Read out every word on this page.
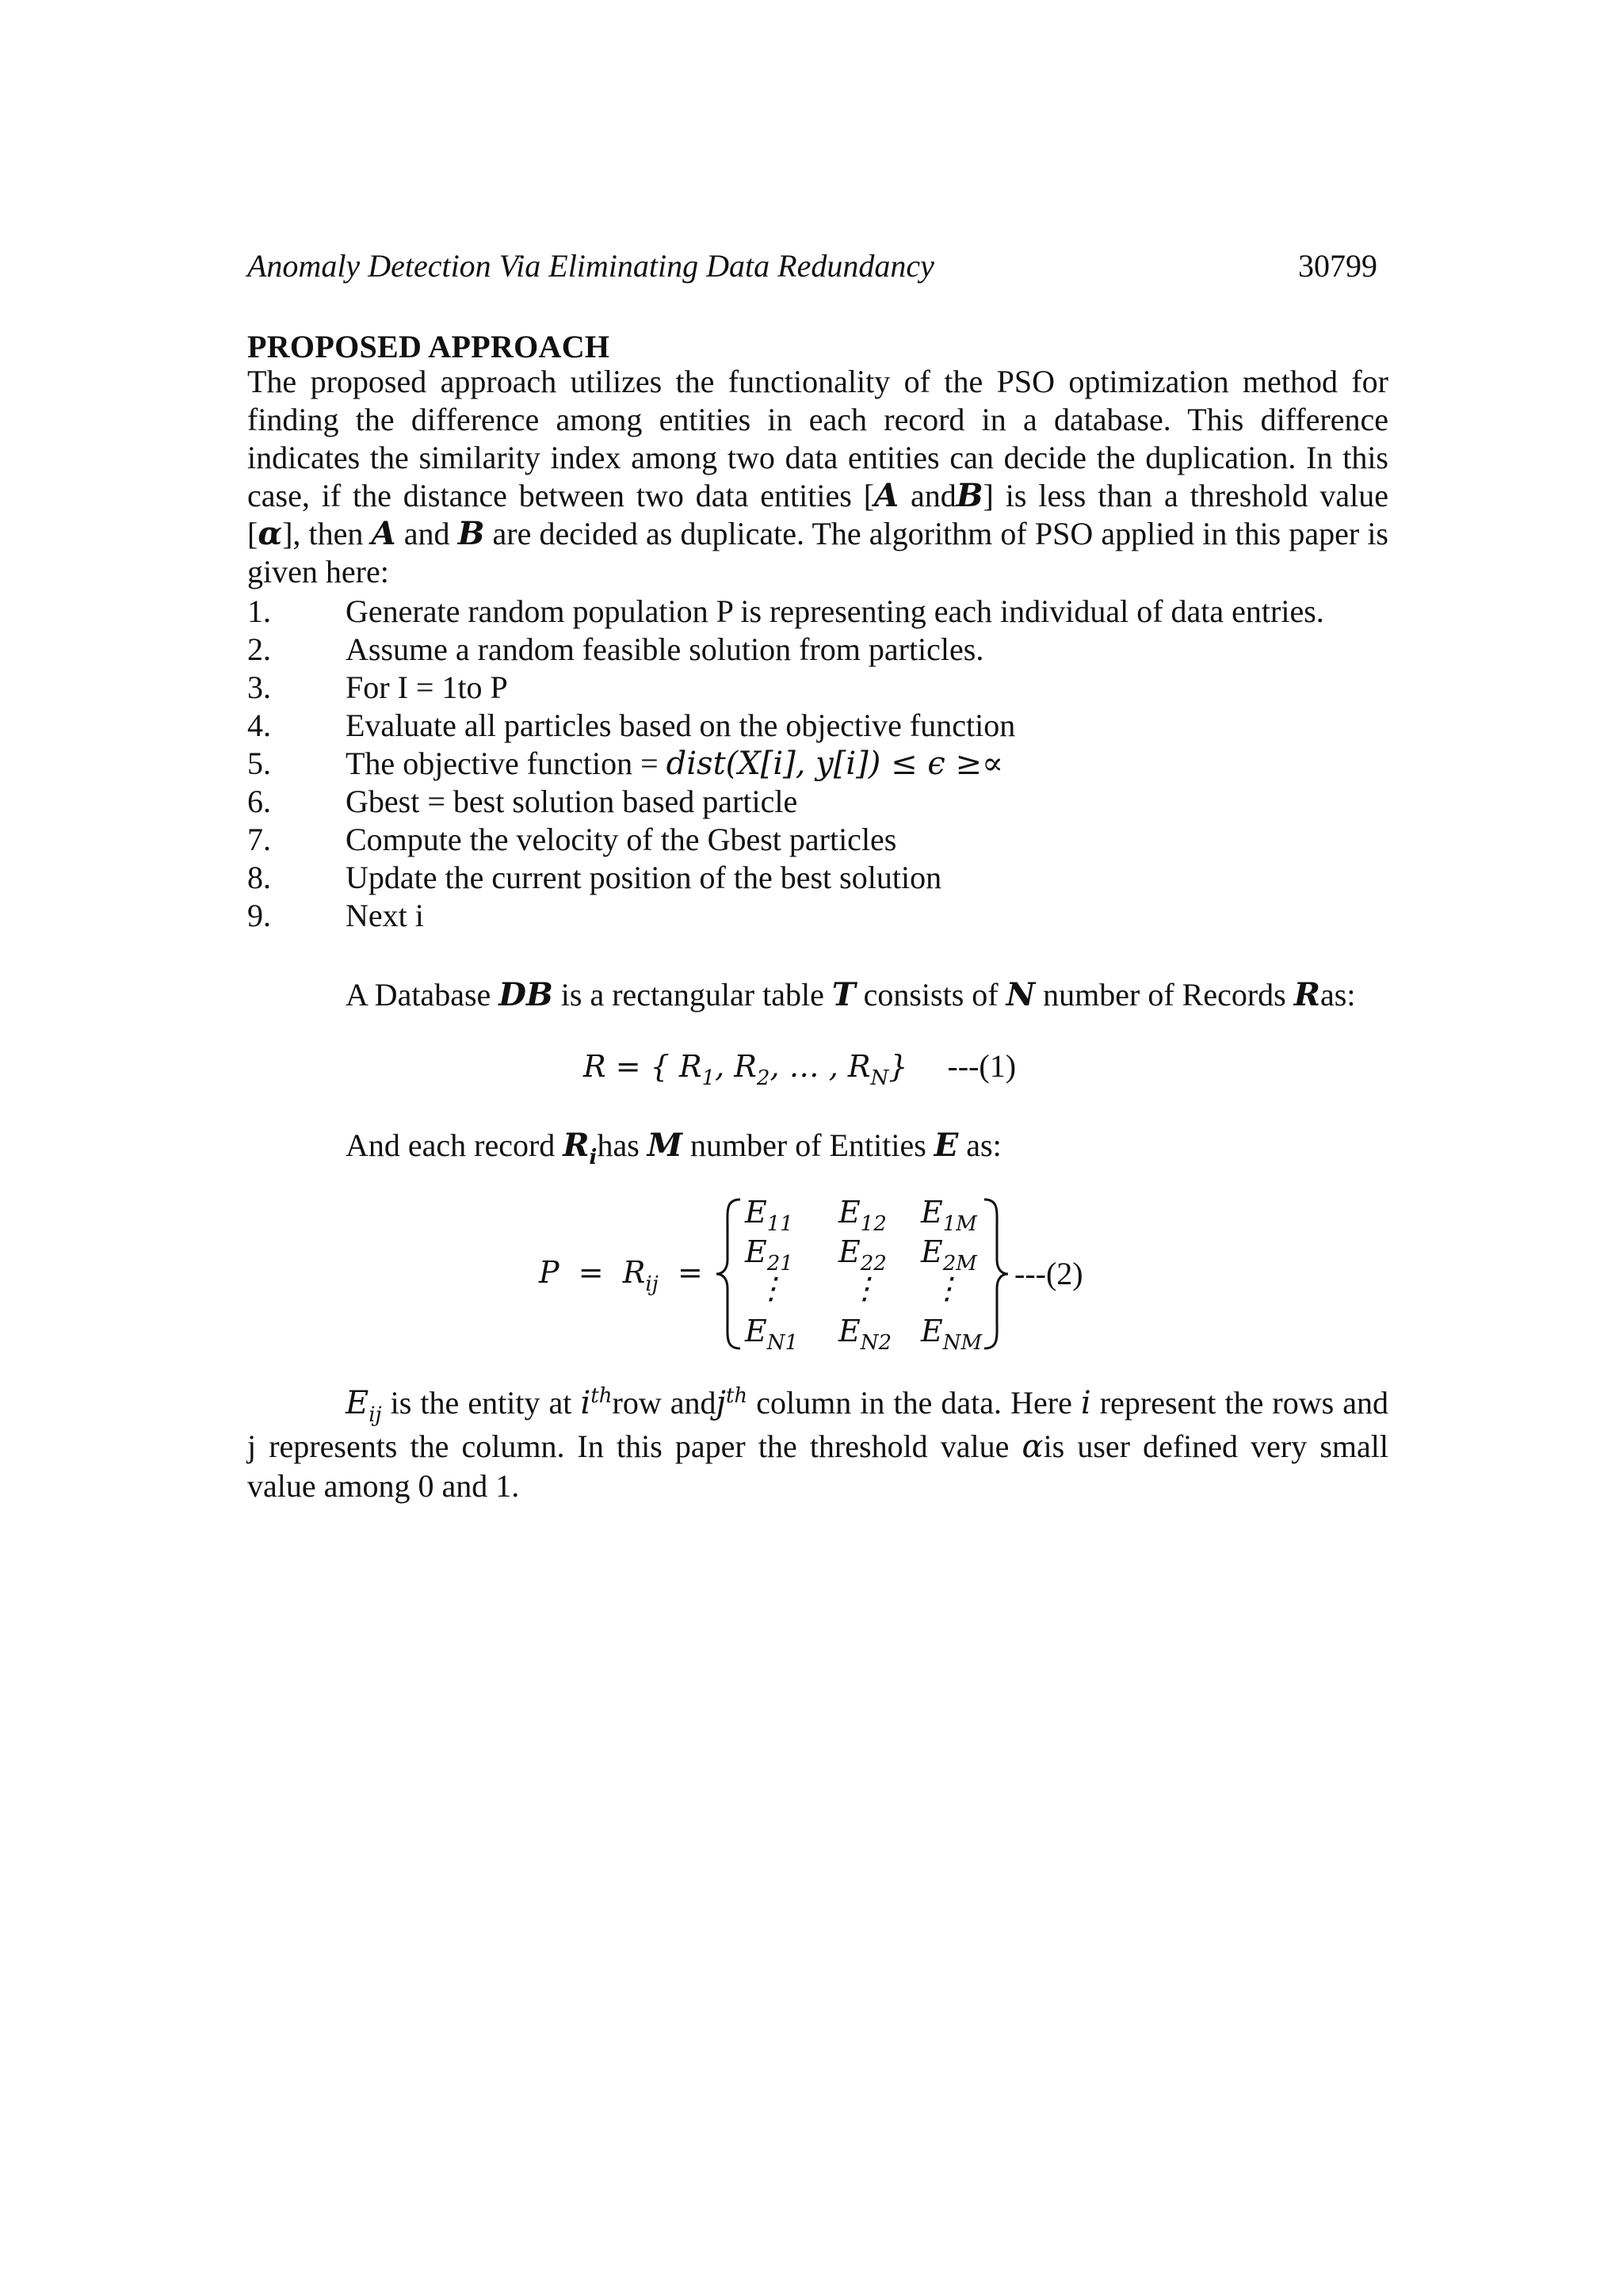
Anomaly Detection Via Eliminating Data Redundancy	30799
PROPOSED APPROACH

The proposed approach utilizes the functionality of the PSO optimization method for finding the difference among entities in each record in a database. This difference indicates the similarity index among two data entities can decide the duplication. In this case, if the distance between two data entities [A andB] is less than a threshold value [α], then A and B are decided as duplicate. The algorithm of PSO applied in this paper is given here:

1. Generate random population P is representing each individual of data entries.
2. Assume a random feasible solution from particles.
3. For I = 1to P
4. Evaluate all particles based on the objective function
5. The objective function = dist(X[i], y[i]) ≤ ϵ ≥∝
6. Gbest = best solution based particle
7. Compute the velocity of the Gbest particles
8. Update the current position of the best solution
9. Next i
A Database DB is a rectangular table T consists of N number of Records Ras:
R = { $R_1$, $R_2$, … , $R_N$} ---(1)
And each record $R_ihas$ M number of Entities E as:
$P = R_{ij}$ =
$E_{11}$	$E_{12}$	$E_{1M}$
$E_{21}$	$E_{22}$	$E_{2M}$
⋮	⋮	⋮
$E_{N1}$	$E_{N2}$ $E_{NM}$
---(2)

$E_{ij}$ is the entity at $i^{th}row$ andj$^{th}$ column in the data. Here i represent the rows and j represents the column. In this paper the threshold value αis user defined very small value among 0 and 1.
